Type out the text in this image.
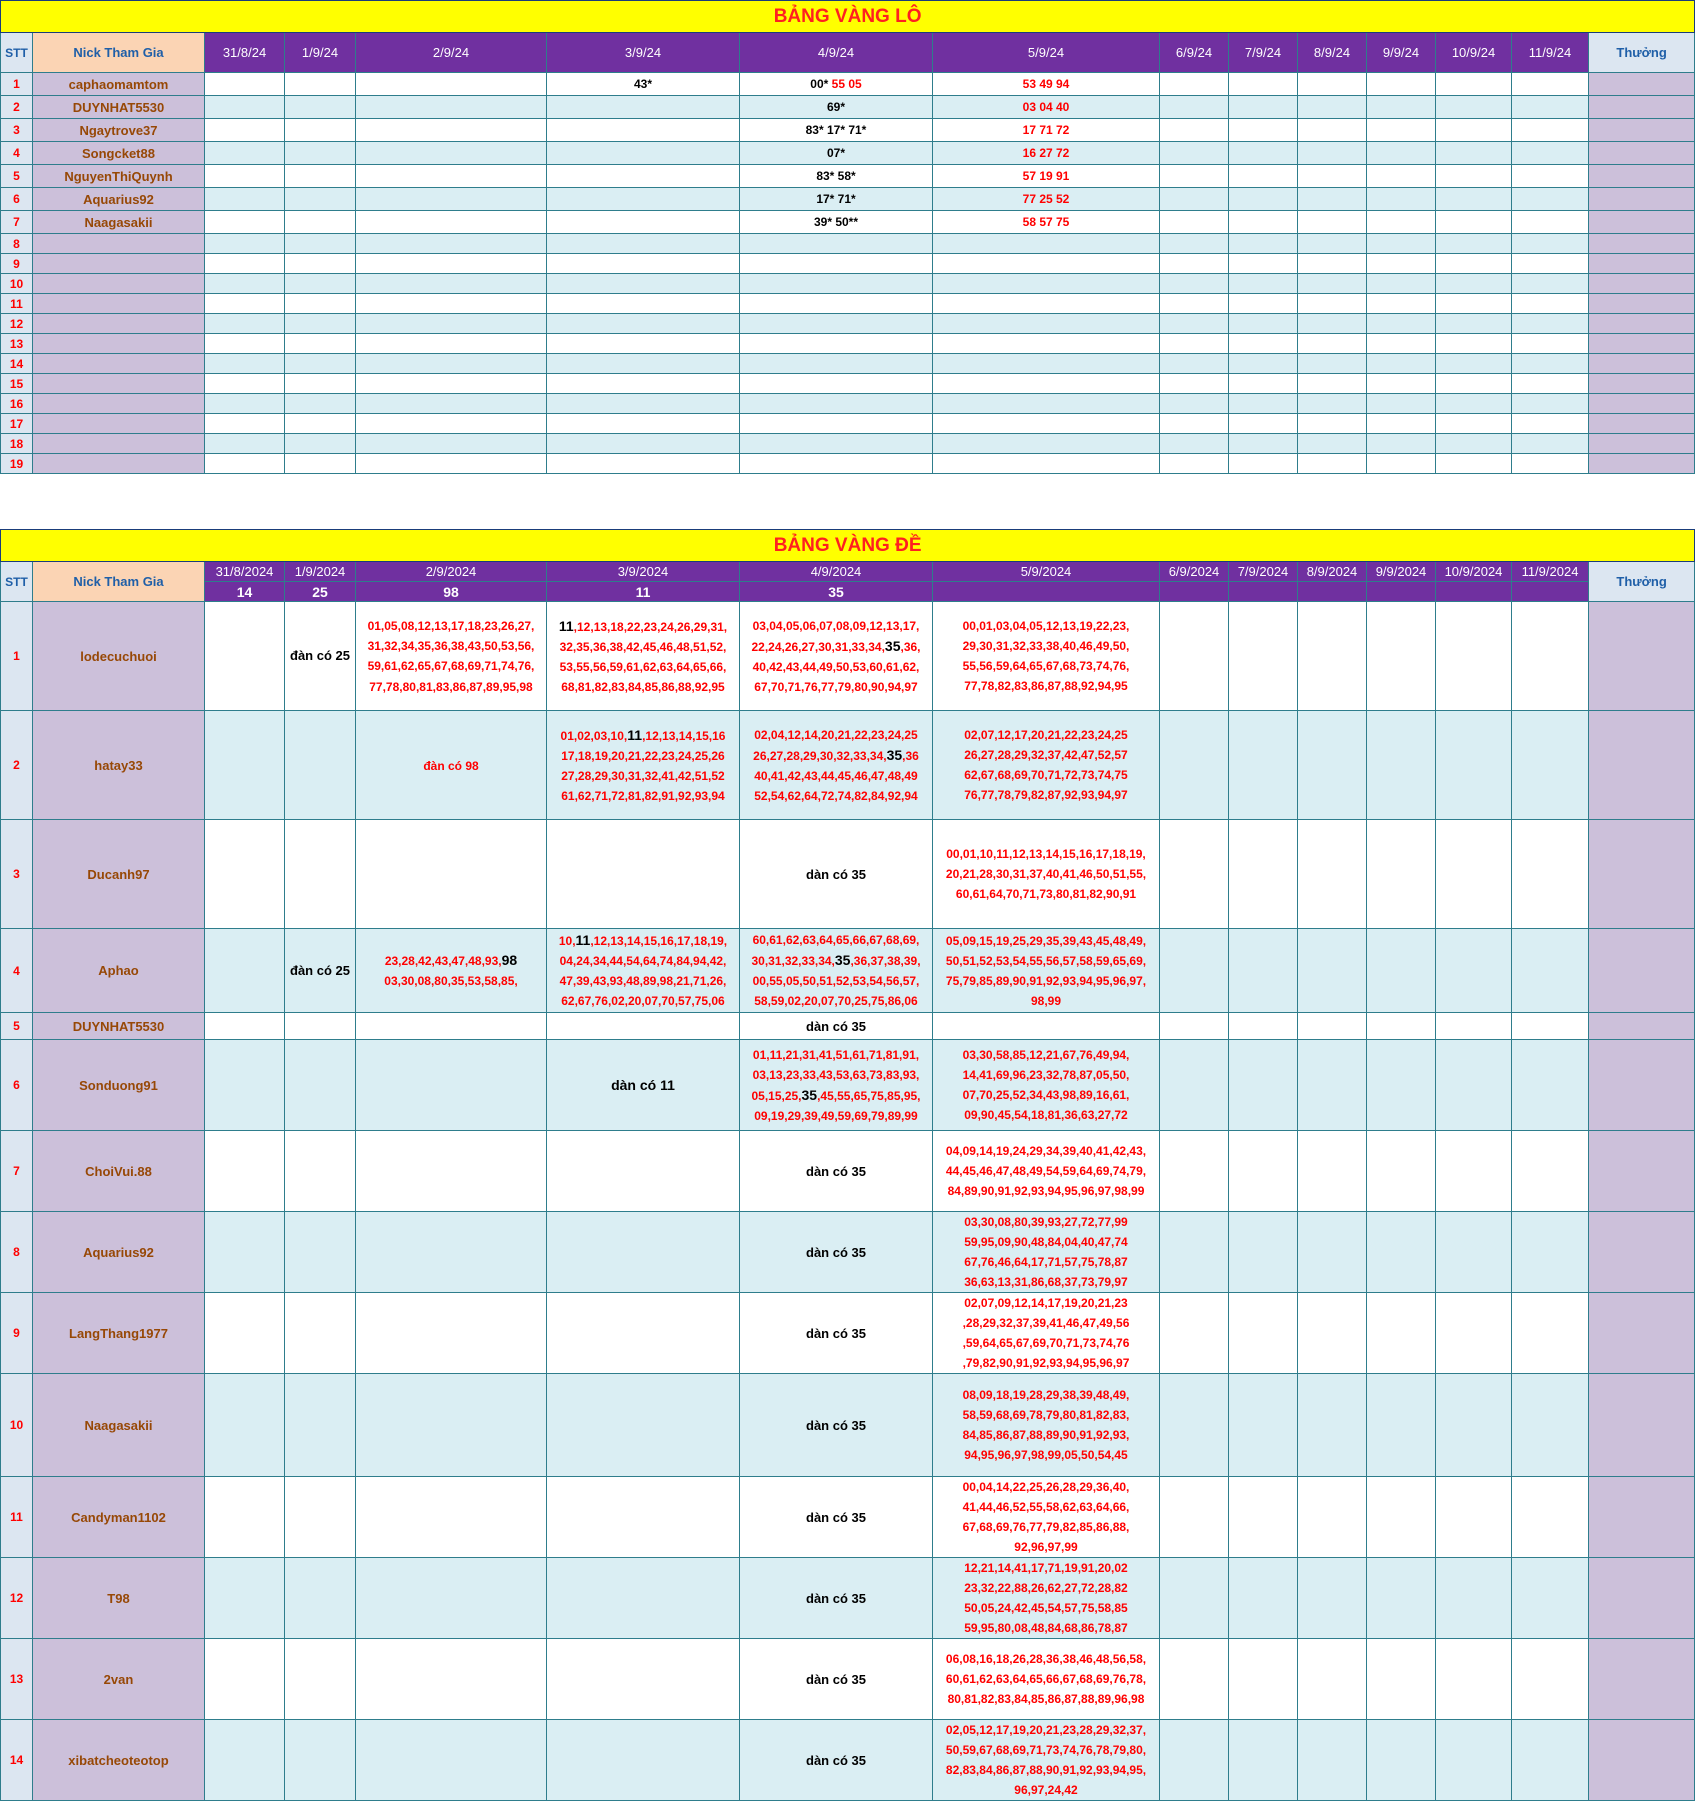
BẢNG VÀNG LÔ														
STT	Nick Tham Gia	31/8/24	1/9/24	2/9/24	3/9/24	4/9/24	5/9/24	6/9/24	7/9/24	8/9/24	9/9/24	10/9/24	11/9/24	Thưởng
1	caphaomamtom				43*	00* 55 05	53 49 94							
2	DUYNHAT5530					69*	03 04 40							
3	Ngaytrove37					83* 17* 71*	17 71 72							
4	Songcket88					07*	16 27 72							
5	NguyenThiQuynh					83* 58*	57 19 91							
6	Aquarius92					17* 71*	77 25 52							
7	Naagasakii					39* 50**	58 57 75							
8														
9														
10														
11														
12														
13														
14														
15														
16														
17														
18														
19														
BẢNG VÀNG ĐỀ														
STT	Nick Tham Gia	31/8/2024	1/9/2024	2/9/2024	3/9/2024	4/9/2024	5/9/2024	6/9/2024	7/9/2024	8/9/2024	9/9/2024	10/9/2024	11/9/2024	Thưởng
		14	25	98	11	35								
1	lodecuchuoi		đàn có 25	01,05,08,12,13,17,18,23,26,27,
31,32,34,35,36,38,43,50,53,56,
59,61,62,65,67,68,69,71,74,76,
77,78,80,81,83,86,87,89,95,98	11,12,13,18,22,23,24,26,29,31,
32,35,36,38,42,45,46,48,51,52,
53,55,56,59,61,62,63,64,65,66,
68,81,82,83,84,85,86,88,92,95	03,04,05,06,07,08,09,12,13,17,
22,24,26,27,30,31,33,34,35,36,
40,42,43,44,49,50,53,60,61,62,
67,70,71,76,77,79,80,90,94,97	00,01,03,04,05,12,13,19,22,23,
29,30,31,32,33,38,40,46,49,50,
55,56,59,64,65,67,68,73,74,76,
77,78,82,83,86,87,88,92,94,95							
2	hatay33			đàn có 98	01,02,03,10,11,12,13,14,15,16
17,18,19,20,21,22,23,24,25,26
27,28,29,30,31,32,41,42,51,52
61,62,71,72,81,82,91,92,93,94	02,04,12,14,20,21,22,23,24,25
26,27,28,29,30,32,33,34,35,36
40,41,42,43,44,45,46,47,48,49
52,54,62,64,72,74,82,84,92,94	02,07,12,17,20,21,22,23,24,25
26,27,28,29,32,37,42,47,52,57
62,67,68,69,70,71,72,73,74,75
76,77,78,79,82,87,92,93,94,97							
3	Ducanh97					dàn có 35	00,01,10,11,12,13,14,15,16,17,18,19,
20,21,28,30,31,37,40,41,46,50,51,55,
60,61,64,70,71,73,80,81,82,90,91							
4	Aphao		đàn có 25	23,28,42,43,47,48,93,98
03,30,08,80,35,53,58,85,	10,11,12,13,14,15,16,17,18,19,
04,24,34,44,54,64,74,84,94,42,
47,39,43,93,48,89,98,21,71,26,
62,67,76,02,20,07,70,57,75,06	60,61,62,63,64,65,66,67,68,69,
30,31,32,33,34,35,36,37,38,39,
00,55,05,50,51,52,53,54,56,57,
58,59,02,20,07,70,25,75,86,06	05,09,15,19,25,29,35,39,43,45,48,49,
50,51,52,53,54,55,56,57,58,59,65,69,
75,79,85,89,90,91,92,93,94,95,96,97,
98,99							
5	DUYNHAT5530					dàn có 35								
6	Sonduong91				dàn có 11	01,11,21,31,41,51,61,71,81,91,
03,13,23,33,43,53,63,73,83,93,
05,15,25,35,45,55,65,75,85,95,
09,19,29,39,49,59,69,79,89,99	03,30,58,85,12,21,67,76,49,94,
14,41,69,96,23,32,78,87,05,50,
07,70,25,52,34,43,98,89,16,61,
09,90,45,54,18,81,36,63,27,72							
7	ChoiVui.88					dàn có 35	04,09,14,19,24,29,34,39,40,41,42,43,
44,45,46,47,48,49,54,59,64,69,74,79,
84,89,90,91,92,93,94,95,96,97,98,99							
8	Aquarius92					dàn có 35	03,30,08,80,39,93,27,72,77,99
59,95,09,90,48,84,04,40,47,74
67,76,46,64,17,71,57,75,78,87
36,63,13,31,86,68,37,73,79,97							
9	LangThang1977					dàn có 35	02,07,09,12,14,17,19,20,21,23
,28,29,32,37,39,41,46,47,49,56
,59,64,65,67,69,70,71,73,74,76
,79,82,90,91,92,93,94,95,96,97							
10	Naagasakii					dàn có 35	08,09,18,19,28,29,38,39,48,49,
58,59,68,69,78,79,80,81,82,83,
84,85,86,87,88,89,90,91,92,93,
94,95,96,97,98,99,05,50,54,45							
11	Candyman1102					dàn có 35	00,04,14,22,25,26,28,29,36,40,
41,44,46,52,55,58,62,63,64,66,
67,68,69,76,77,79,82,85,86,88,
92,96,97,99							
12	T98					dàn có 35	12,21,14,41,17,71,19,91,20,02
23,32,22,88,26,62,27,72,28,82
50,05,24,42,45,54,57,75,58,85
59,95,80,08,48,84,68,86,78,87							
13	2van					dàn có 35	06,08,16,18,26,28,36,38,46,48,56,58,
60,61,62,63,64,65,66,67,68,69,76,78,
80,81,82,83,84,85,86,87,88,89,96,98							
14	xibatcheoteotop					dàn có 35	02,05,12,17,19,20,21,23,28,29,32,37,
50,59,67,68,69,71,73,74,76,78,79,80,
82,83,84,86,87,88,90,91,92,93,94,95,
96,97,24,42							
